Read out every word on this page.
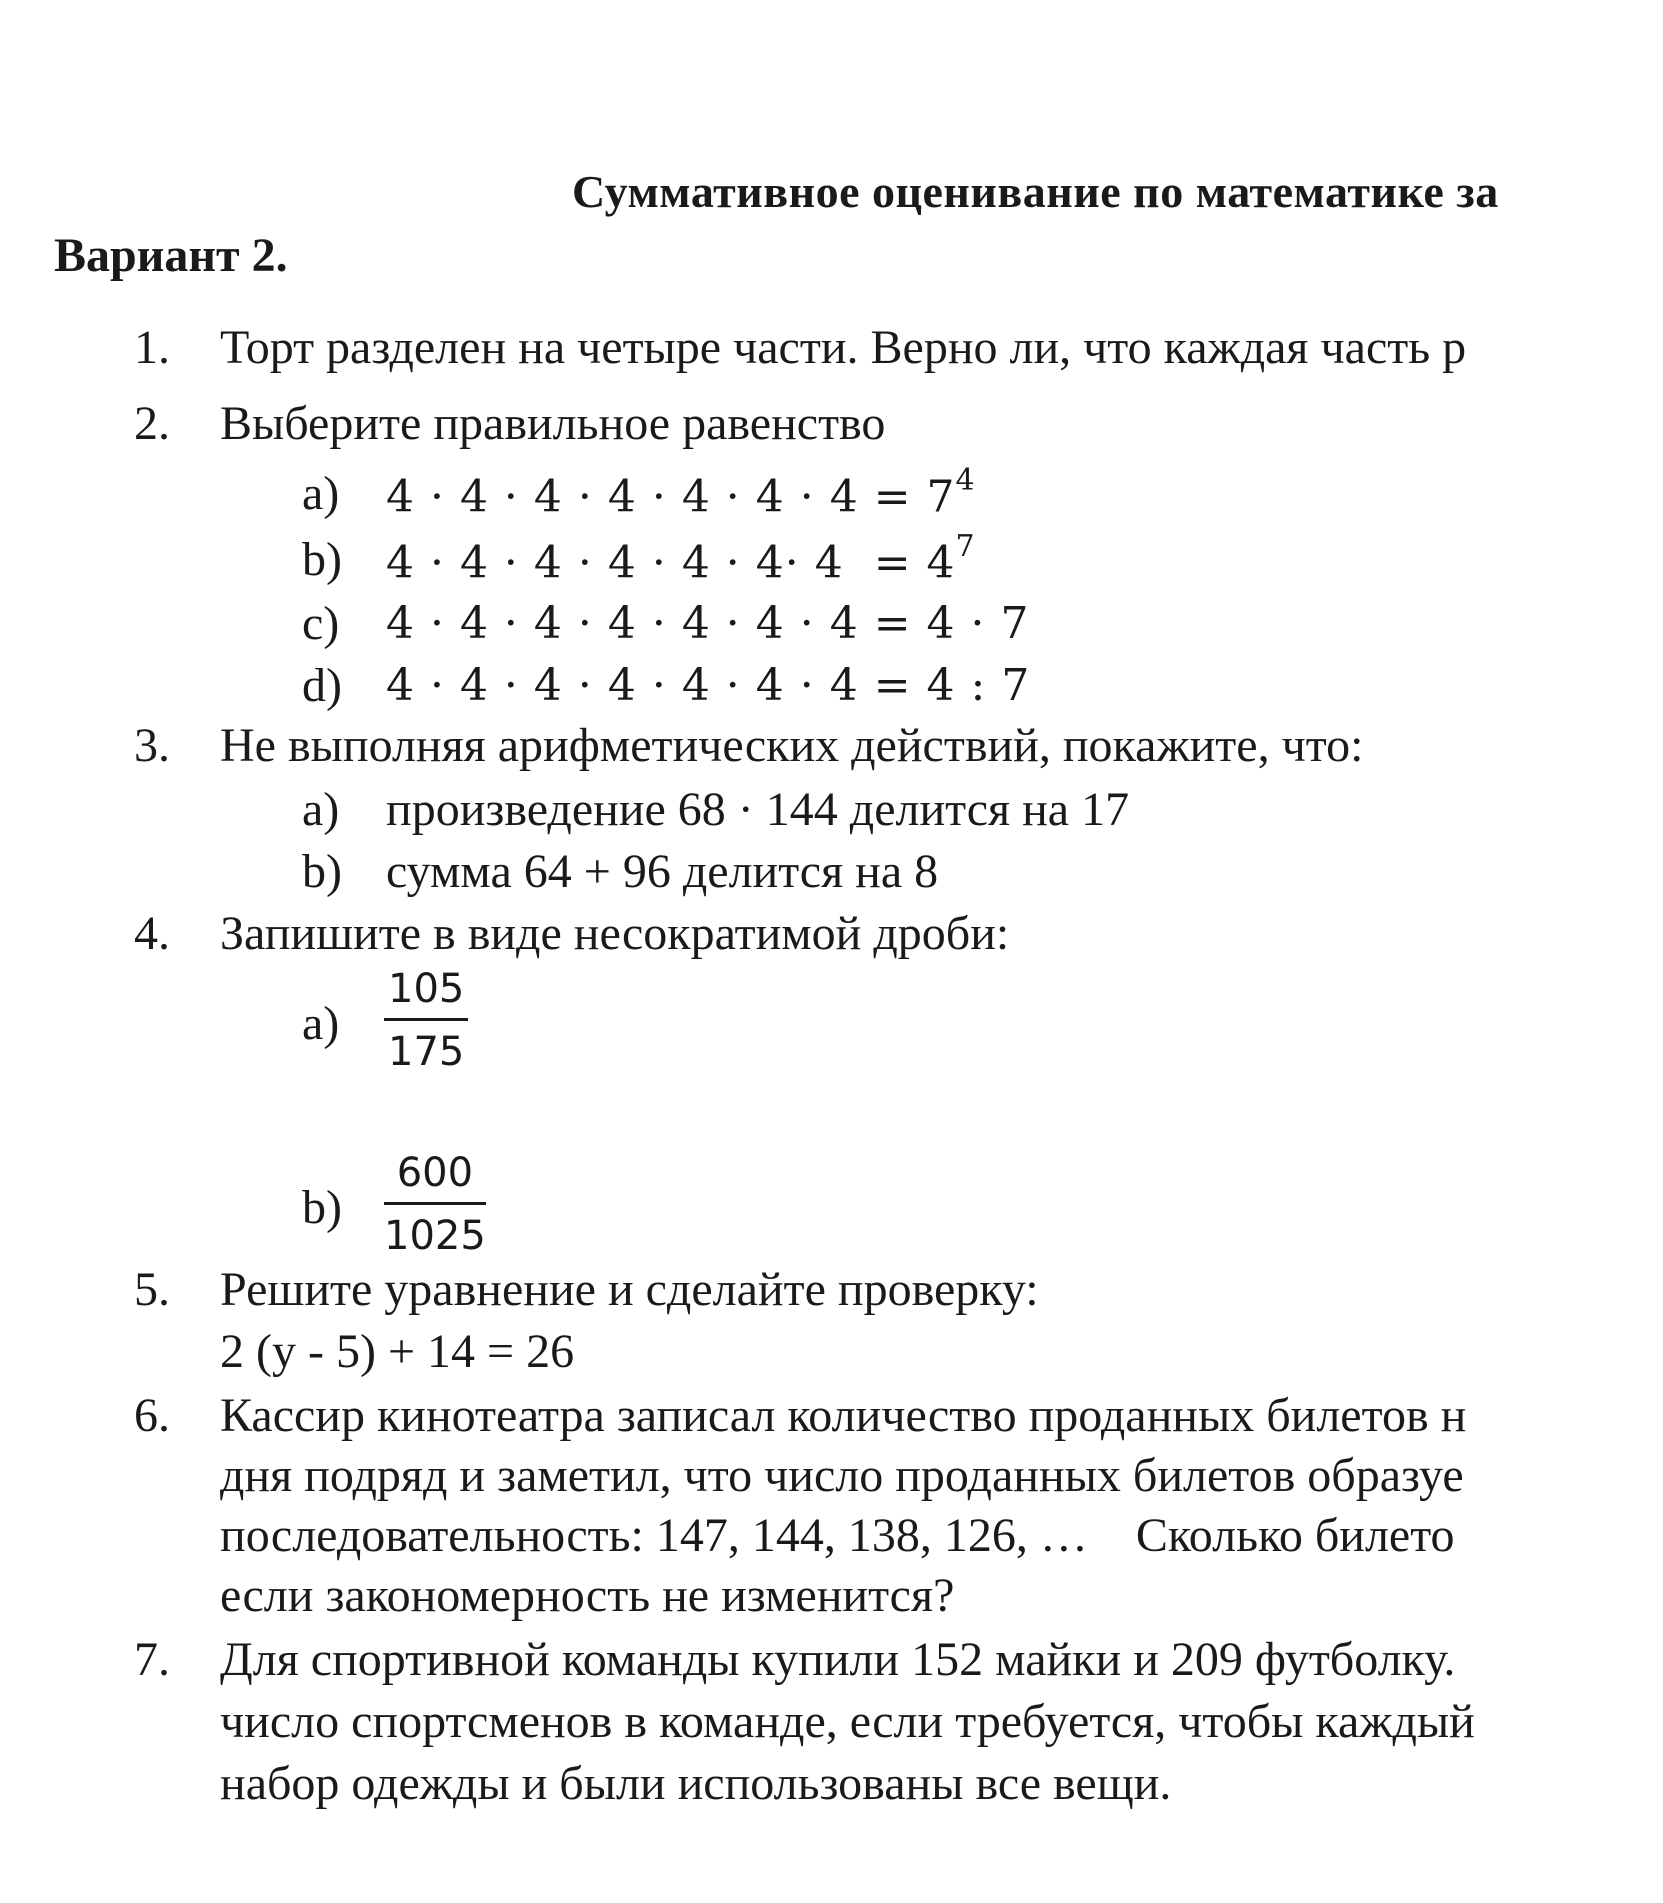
Суммативное оценивание по математике за
Вариант 2.
1. Торт разделен на четыре части. Верно ли, что каждая часть р
2. Выберите правильное равенство
a) $4 \cdot 4 \cdot 4 \cdot 4 \cdot 4 \cdot 4 \cdot 4 = 7^4$
b) $4 \cdot 4 \cdot 4 \cdot 4 \cdot 4 \cdot 4\cdot 4 = 4^7$
c) 4 · 4 · 4 · 4 · 4 · 4 · 4 = 4 · 7
d) 4 · 4 · 4 · 4 · 4 · 4 · 4 = 4 : 7
3. Не выполняя арифметических действий, покажите, что:
a) произведение 68 · 144 делится на 17
b) сумма 64 + 96 делится на 8
4. Запишите в виде несократимой дроби:
$a) \frac{105}{175}$
$b) \frac{600}{1025}$
5. Решите уравнение и сделайте проверку:
2 (y - 5) + 14 = 26
6. Кассир кинотеатра записал количество проданных билетов н
дня подряд и заметил, что число проданных билетов образуе
последовательность: 147, 144, 138, 126, …    Сколько билето
если закономерность не изменится?
7. Для спортивной команды купили 152 майки и 209 футболку.
число спортсменов в команде, если требуется, чтобы каждый
набор одежды и были использованы все вещи.
